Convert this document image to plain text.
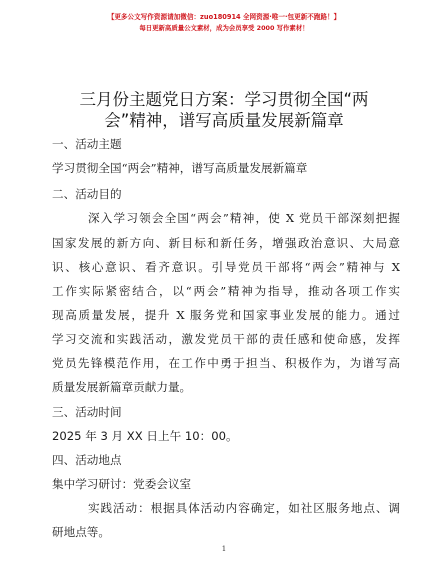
【更多公文写作资源请加微信：zuo180914 全网资源·唯一·包更新不跑路！】
每日更新高质量公文素材，成为会员享受 2000 写作素材！
三月份主题党日方案：学习贯彻全国“两
会”精神，谱写高质量发展新篇章
一、活动主题
学习贯彻全国“两会”精神，谱写高质量发展新篇章
二、活动目的
深入学习领会全国“两会”精神，使 X 党员干部深刻把握
国家发展的新方向、新目标和新任务，增强政治意识、大局意
识、核心意识、看齐意识。引导党员干部将“两会”精神与 X
工作实际紧密结合，以“两会”精神为指导，推动各项工作实
现高质量发展，提升 X 服务党和国家事业发展的能力。通过
学习交流和实践活动，激发党员干部的责任感和使命感，发挥
党员先锋模范作用，在工作中勇于担当、积极作为，为谱写高
质量发展新篇章贡献力量。
三、活动时间
2025 年 3 月 XX 日上午 10：00。
四、活动地点
集中学习研讨：党委会议室
实践活动：根据具体活动内容确定，如社区服务地点、调
研地点等。
1
